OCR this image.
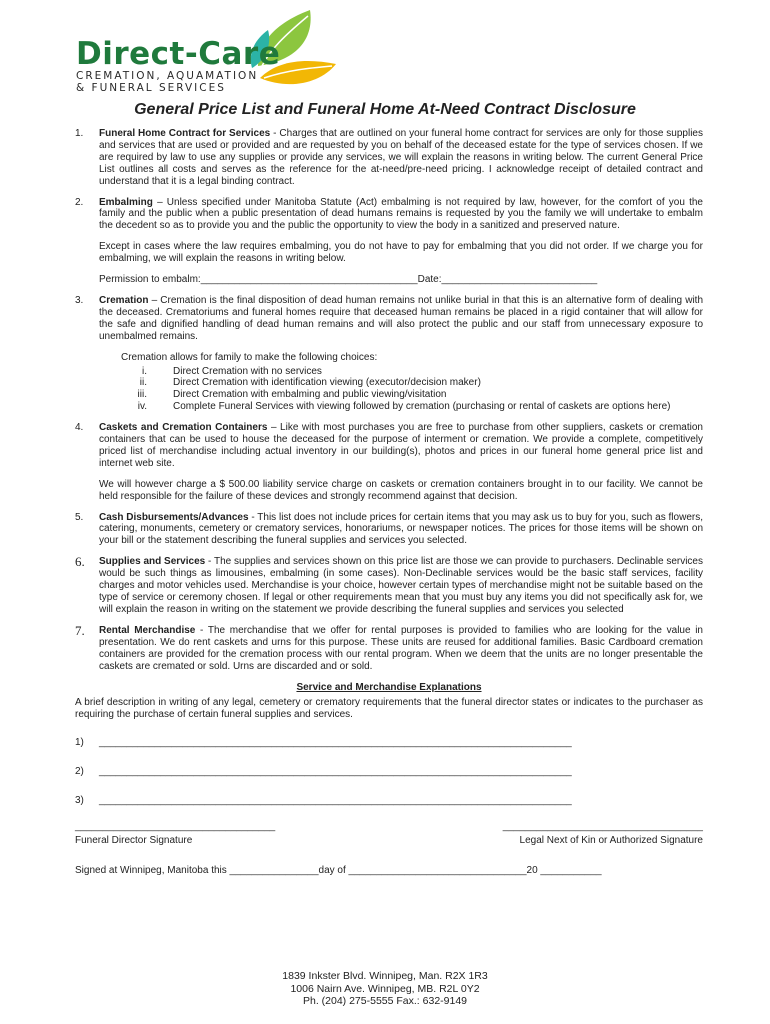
Direct-Care
CREMATION, AQUAMATION
& FUNERAL SERVICES
General Price List and Funeral Home At-Need Contract Disclosure
1. Funeral Home Contract for Services - Charges that are outlined on your funeral home contract for services are only for those supplies and services that are used or provided and are requested by you on behalf of the deceased estate for the type of services chosen. If we are required by law to use any supplies or provide any services, we will explain the reasons in writing below. The current General Price List outlines all costs and serves as the reference for the at-need/pre-need pricing. I acknowledge receipt of detailed contract and understand that it is a legal binding contract.

2. Embalming – Unless specified under Manitoba Statute (Act) embalming is not required by law, however, for the comfort of you the family and the public when a public presentation of dead humans remains is requested by you the family we will undertake to embalm the decedent so as to provide you and the public the opportunity to view the body in a sanitized and preserved nature.

Except in cases where the law requires embalming, you do not have to pay for embalming that you did not order. If we charge you for embalming, we will explain the reasons in writing below.

Permission to embalm:_______________________________________Date:____________________________

3. Cremation – Cremation is the final disposition of dead human remains not unlike burial in that this is an alternative form of dealing with the deceased. Crematoriums and funeral homes require that deceased human remains be placed in a rigid container that will allow for the safe and dignified handling of dead human remains and will also protect the public and our staff from unnecessary exposure to unembalmed remains.

Cremation allows for family to make the following choices:

i.	Direct Cremation with no services
ii.	Direct Cremation with identification viewing (executor/decision maker)
iii.	Direct Cremation with embalming and public viewing/visitation
iv.	Complete Funeral Services with viewing followed by cremation (purchasing or rental of caskets are options here)
4. Caskets and Cremation Containers – Like with most purchases you are free to purchase from other suppliers, caskets or cremation containers that can be used to house the deceased for the purpose of interment or cremation. We provide a complete, competitively priced list of merchandise including actual inventory in our building(s), photos and prices in our funeral home general price list and internet web site.

We will however charge a $ 500.00 liability service charge on caskets or cremation containers brought in to our facility. We cannot be held responsible for the failure of these devices and strongly recommend against that decision.

5. Cash Disbursements/Advances - This list does not include prices for certain items that you may ask us to buy for you, such as flowers, catering, monuments, cemetery or crematory services, honorariums, or newspaper notices. The prices for those items will be shown on your bill or the statement describing the funeral supplies and services you selected.

6. Supplies and Services - The supplies and services shown on this price list are those we can provide to purchasers. Declinable services would be such things as limousines, embalming (in some cases). Non-Declinable services would be the basic staff services, facility charges and motor vehicles used. Merchandise is your choice, however certain types of merchandise might not be suitable based on the type of service or ceremony chosen. If legal or other requirements mean that you must buy any items you did not specifically ask for, we will explain the reason in writing on the statement we provide describing the funeral supplies and services you selected

7. Rental Merchandise - The merchandise that we offer for rental purposes is provided to families who are looking for the value in presentation. We do rent caskets and urns for this purpose. These units are reused for additional families. Basic Cardboard cremation containers are provided for the cremation process with our rental program. When we deem that the units are no longer presentable the caskets are cremated or sold. Urns are discarded and or sold.

Service and Merchandise Explanations

A brief description in writing of any legal, cemetery or crematory requirements that the funeral director states or indicates to the purchaser as requiring the purchase of certain funeral supplies and services.

1)	_____________________________________________________________________________________
2)	_____________________________________________________________________________________
3)	_____________________________________________________________________________________
____________________________________	____________________________________
Funeral Director Signature	Legal Next of Kin or Authorized Signature
Signed at Winnipeg, Manitoba this ________________day of ________________________________20 ___________
1839 Inkster Blvd. Winnipeg, Man. R2X 1R3
1006 Nairn Ave. Winnipeg, MB. R2L 0Y2
Ph. (204) 275-5555 Fax.: 632-9149
